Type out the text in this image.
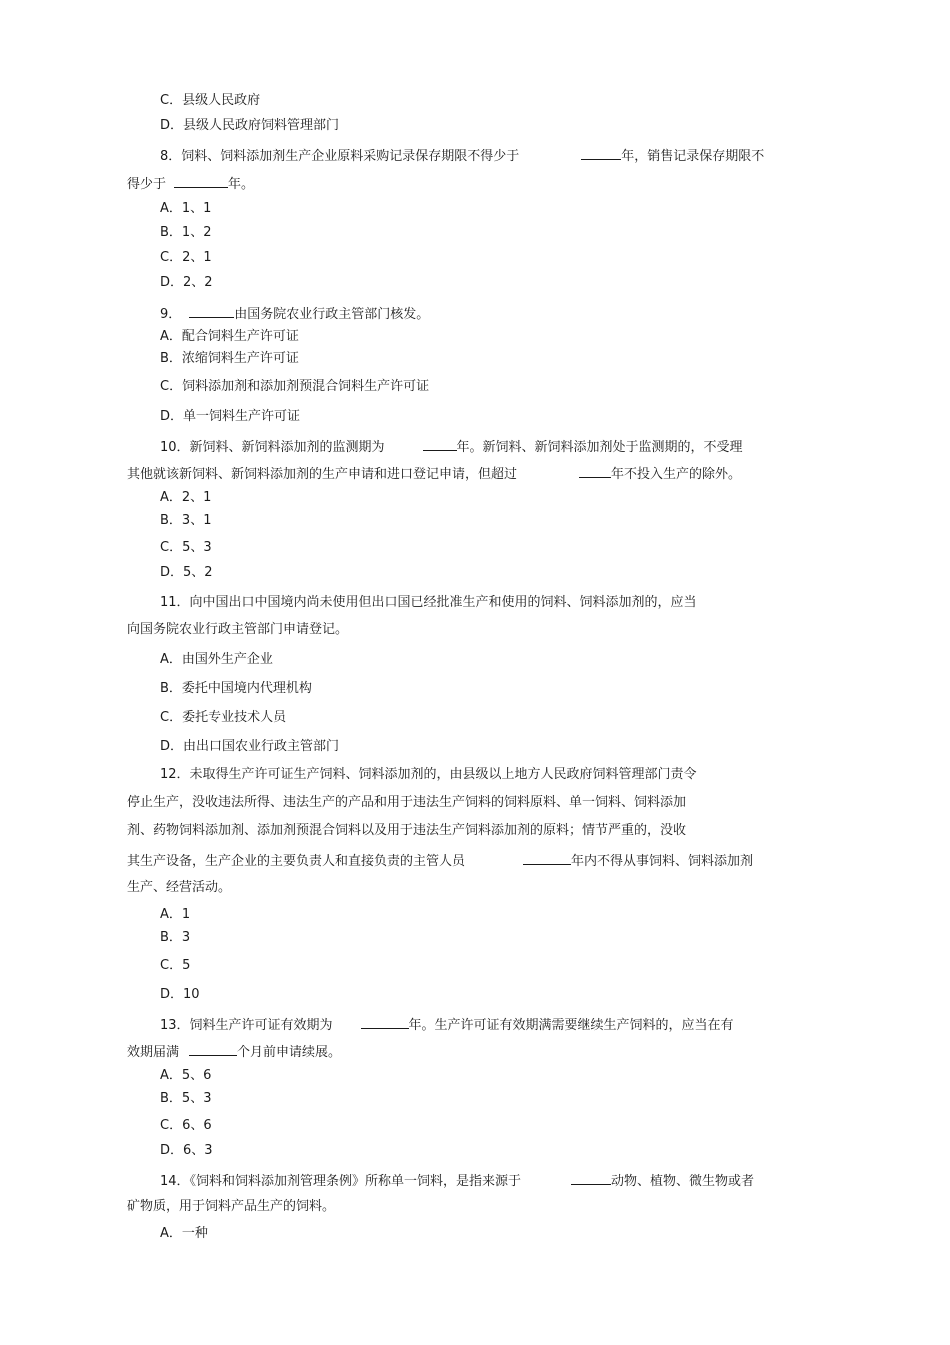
C．县级人民政府
D．县级人民政府饲料管理部门
8．饲料、饲料添加剂生产企业原料采购记录保存期限不得少于	年，销售记录保存期限不
得少于	年。
A．1、1
B．1、2
C．2、1
D．2、2
9．	由国务院农业行政主管部门核发。
A．配合饲料生产许可证
B．浓缩饲料生产许可证
C．饲料添加剂和添加剂预混合饲料生产许可证
D．单一饲料生产许可证
10．新饲料、新饲料添加剂的监测期为	年。新饲料、新饲料添加剂处于监测期的，不受理
其他就该新饲料、新饲料添加剂的生产申请和进口登记申请，但超过	年不投入生产的除外。
A．2、1
B．3、1
C．5、3
D．5、2
11．向中国出口中国境内尚未使用但出口国已经批准生产和使用的饲料、饲料添加剂的，应当
向国务院农业行政主管部门申请登记。
A．由国外生产企业
B．委托中国境内代理机构
C．委托专业技术人员
D．由出口国农业行政主管部门
12．未取得生产许可证生产饲料、饲料添加剂的，由县级以上地方人民政府饲料管理部门责令
停止生产，没收违法所得、违法生产的产品和用于违法生产饲料的饲料原料、单一饲料、饲料添加
剂、药物饲料添加剂、添加剂预混合饲料以及用于违法生产饲料添加剂的原料；情节严重的，没收
其生产设备，生产企业的主要负责人和直接负责的主管人员	年内不得从事饲料、饲料添加剂
生产、经营活动。
A．1
B．3
C．5
D．10
13．饲料生产许可证有效期为	年。生产许可证有效期满需要继续生产饲料的，应当在有
效期届满	个月前申请续展。
A．5、6
B．5、3
C．6、6
D．6、3
14．《饲料和饲料添加剂管理条例》所称单一饲料，是指来源于	动物、植物、微生物或者
矿物质，用于饲料产品生产的饲料。
A．一种
